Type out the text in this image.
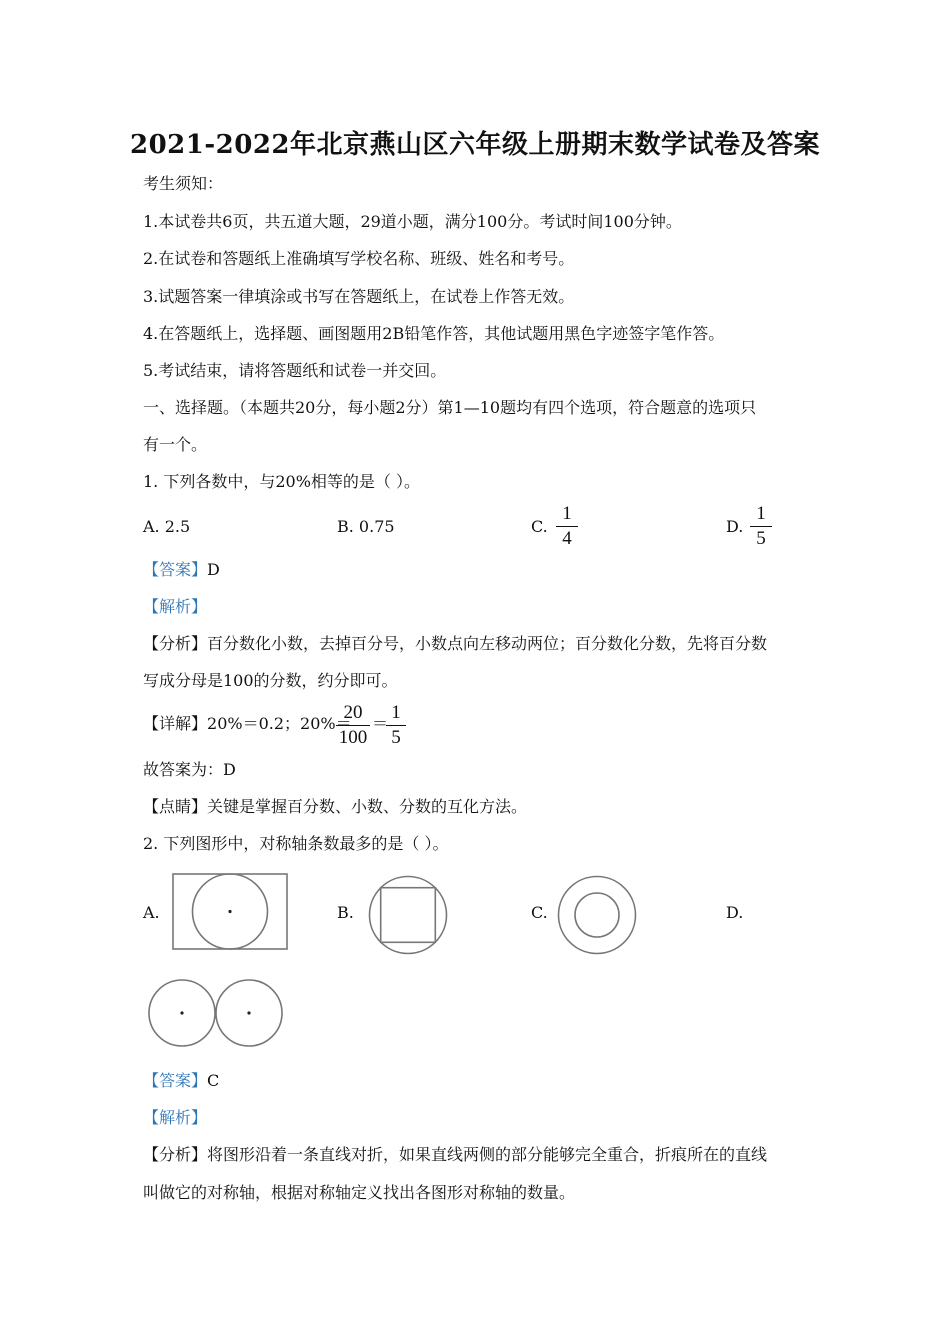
2021-2022年北京燕山区六年级上册期末数学试卷及答案
考生须知：
1.本试卷共6页，共五道大题，29道小题，满分100分。考试时间100分钟。
2.在试卷和答题纸上准确填写学校名称、班级、姓名和考号。
3.试题答案一律填涂或书写在答题纸上，在试卷上作答无效。
4.在答题纸上，选择题、画图题用2B铅笔作答，其他试题用黑色字迹签字笔作答。
5.考试结束，请将答题纸和试卷一并交回。
一、选择题。（本题共20分，每小题2分）第1—10题均有四个选项，符合题意的选项只
有一个。
1. 下列各数中，与20%相等的是（ ）。
A. 2.5	B. 0.75	C.
1
4
D.
1
5
【答案】D
【解析】
【分析】百分数化小数，去掉百分号，小数点向左移动两位；百分数化分数，先将百分数
写成分母是100的分数，约分即可。
【详解】20%＝0.2；20%＝
20
100
＝
1
5
故答案为：D
【点睛】关键是掌握百分数、小数、分数的互化方法。
2. 下列图形中，对称轴条数最多的是（ ）。
A.	B.	C.	D.
【答案】C
【解析】
【分析】将图形沿着一条直线对折，如果直线两侧的部分能够完全重合，折痕所在的直线
叫做它的对称轴，根据对称轴定义找出各图形对称轴的数量。
